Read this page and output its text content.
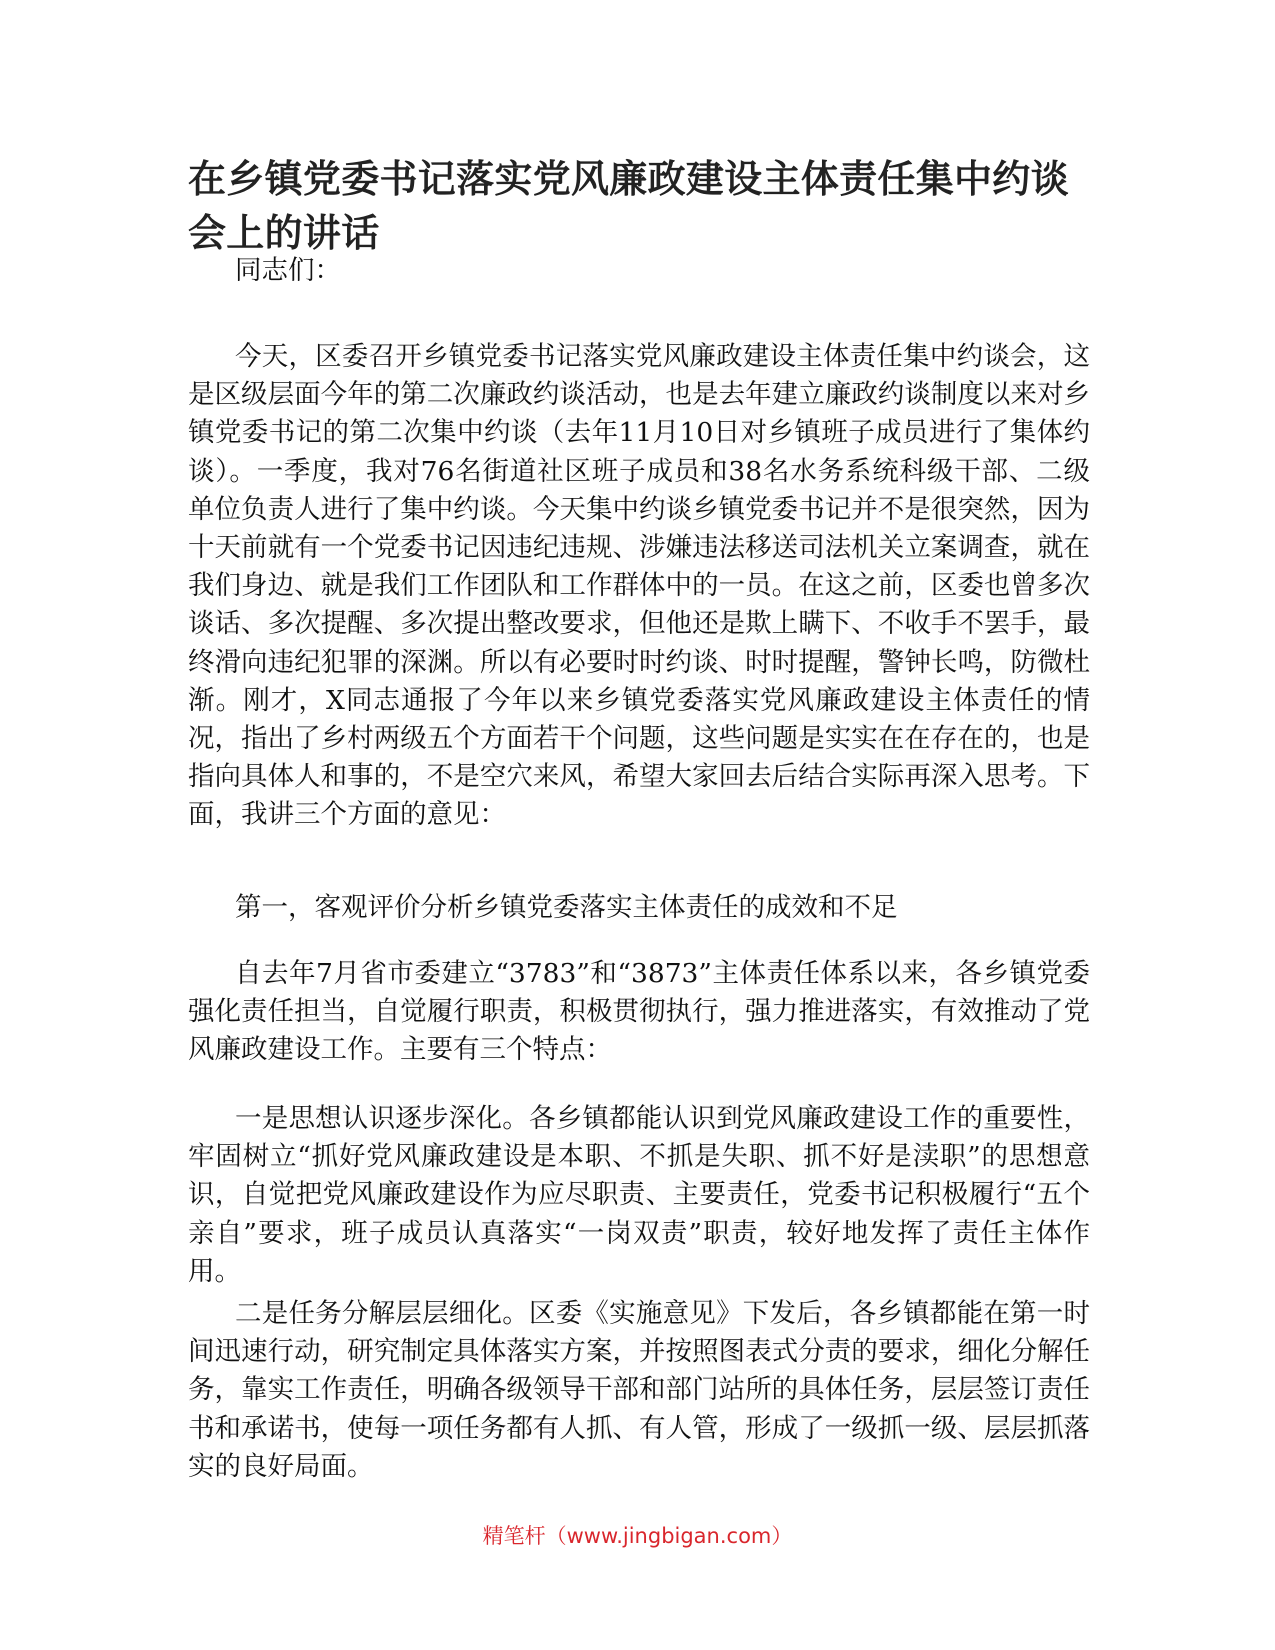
在乡镇党委书记落实党风廉政建设主体责任集中约谈会上的讲话

同志们：

今天，区委召开乡镇党委书记落实党风廉政建设主体责任集中约谈会，这是区级层面今年的第二次廉政约谈活动，也是去年建立廉政约谈制度以来对乡镇党委书记的第二次集中约谈（去年11月10日对乡镇班子成员进行了集体约谈）。一季度，我对76名街道社区班子成员和38名水务系统科级干部、二级单位负责人进行了集中约谈。今天集中约谈乡镇党委书记并不是很突然，因为十天前就有一个党委书记因违纪违规、涉嫌违法移送司法机关立案调查，就在我们身边、就是我们工作团队和工作群体中的一员。在这之前，区委也曾多次谈话、多次提醒、多次提出整改要求，但他还是欺上瞒下、不收手不罢手，最终滑向违纪犯罪的深渊。所以有必要时时约谈、时时提醒，警钟长鸣，防微杜渐。刚才，X同志通报了今年以来乡镇党委落实党风廉政建设主体责任的情况，指出了乡村两级五个方面若干个问题，这些问题是实实在在存在的，也是指向具体人和事的，不是空穴来风，希望大家回去后结合实际再深入思考。下面，我讲三个方面的意见：

第一，客观评价分析乡镇党委落实主体责任的成效和不足

自去年7月省市委建立“3783”和“3873”主体责任体系以来，各乡镇党委强化责任担当，自觉履行职责，积极贯彻执行，强力推进落实，有效推动了党风廉政建设工作。主要有三个特点：

一是思想认识逐步深化。各乡镇都能认识到党风廉政建设工作的重要性，牢固树立“抓好党风廉政建设是本职、不抓是失职、抓不好是渎职”的思想意识，自觉把党风廉政建设作为应尽职责、主要责任，党委书记积极履行“五个亲自”要求，班子成员认真落实“一岗双责”职责，较好地发挥了责任主体作用。

二是任务分解层层细化。区委《实施意见》下发后，各乡镇都能在第一时间迅速行动，研究制定具体落实方案，并按照图表式分责的要求，细化分解任务，靠实工作责任，明确各级领导干部和部门站所的具体任务，层层签订责任书和承诺书，使每一项任务都有人抓、有人管，形成了一级抓一级、层层抓落实的良好局面。

精笔杆（www.jingbigan.com）
